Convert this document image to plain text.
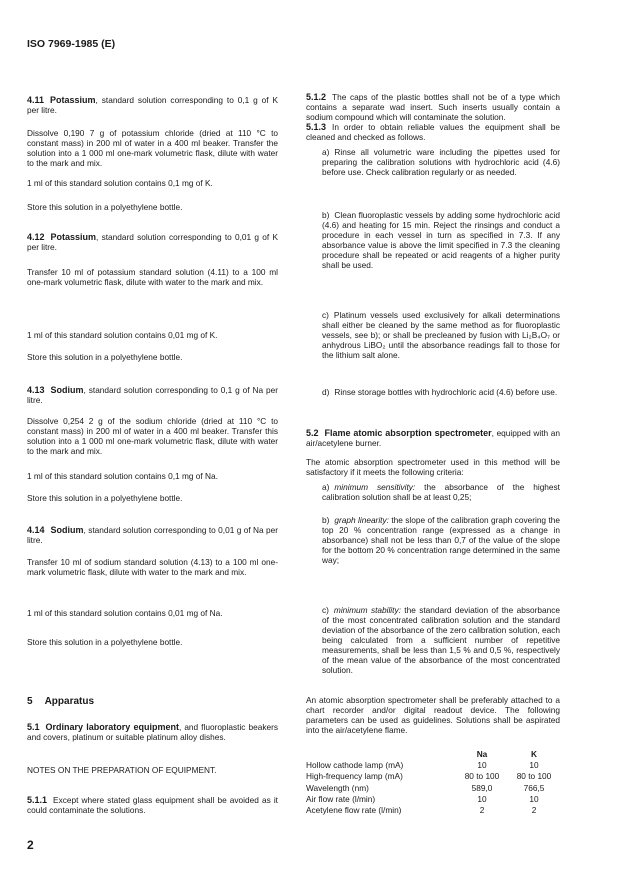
ISO 7969-1985 (E)
4.11 Potassium, standard solution corresponding to 0,1 g of K per litre.
Dissolve 0,190 7 g of potassium chloride (dried at 110 °C to constant mass) in 200 ml of water in a 400 ml beaker. Transfer the solution into a 1 000 ml one-mark volumetric flask, dilute with water to the mark and mix.
1 ml of this standard solution contains 0,1 mg of K.
Store this solution in a polyethylene bottle.
4.12 Potassium, standard solution corresponding to 0,01 g of K per litre.
Transfer 10 ml of potassium standard solution (4.11) to a 100 ml one-mark volumetric flask, dilute with water to the mark and mix.
1 ml of this standard solution contains 0,01 mg of K.
Store this solution in a polyethylene bottle.
4.13 Sodium, standard solution corresponding to 0,1 g of Na per litre.
Dissolve 0,254 2 g of the sodium chloride (dried at 110 °C to constant mass) in 200 ml of water in a 400 ml beaker. Transfer this solution into a 1 000 ml one-mark volumetric flask, dilute with water to the mark and mix.
1 ml of this standard solution contains 0,1 mg of Na.
Store this solution in a polyethylene bottle.
4.14 Sodium, standard solution corresponding to 0,01 g of Na per litre.
Transfer 10 ml of sodium standard solution (4.13) to a 100 ml one-mark volumetric flask, dilute with water to the mark and mix.
1 ml of this standard solution contains 0,01 mg of Na.
Store this solution in a polyethylene bottle.
5 Apparatus
5.1 Ordinary laboratory equipment, and fluoroplastic beakers and covers, platinum or suitable platinum alloy dishes.
NOTES ON THE PREPARATION OF EQUIPMENT.
5.1.1 Except where stated glass equipment shall be avoided as it could contaminate the solutions.
5.1.2 The caps of the plastic bottles shall not be of a type which contains a separate wad insert. Such inserts usually contain a sodium compound which will contaminate the solution.
5.1.3 In order to obtain reliable values the equipment shall be cleaned and checked as follows.
a) Rinse all volumetric ware including the pipettes used for preparing the calibration solutions with hydrochloric acid (4.6) before use. Check calibration regularly or as needed.
b) Clean fluoroplastic vessels by adding some hydrochloric acid (4.6) and heating for 15 min. Reject the rinsings and conduct a procedure in each vessel in turn as specified in 7.3. If any absorbance value is above the limit specified in 7.3 the cleaning procedure shall be repeated or acid reagents of a higher purity shall be used.
c) Platinum vessels used exclusively for alkali determinations shall either be cleaned by the same method as for fluoroplastic vessels, see b); or shall be precleaned by fusion with Li₂B₄O₇ or anhydrous LiBO₂ until the absorbance readings fall to those for the lithium salt alone.
d) Rinse storage bottles with hydrochloric acid (4.6) before use.
5.2 Flame atomic absorption spectrometer, equipped with an air/acetylene burner.
The atomic absorption spectrometer used in this method will be satisfactory if it meets the following criteria:
a) minimum sensitivity: the absorbance of the highest calibration solution shall be at least 0,25;
b) graph linearity: the slope of the calibration graph covering the top 20 % concentration range (expressed as a change in absorbance) shall not be less than 0,7 of the value of the slope for the bottom 20 % concentration range determined in the same way;
c) minimum stability: the standard deviation of the absorbance of the most concentrated calibration solution and the standard deviation of the absorbance of the zero calibration solution, each being calculated from a sufficient number of repetitive measurements, shall be less than 1,5 % and 0,5 %, respectively of the mean value of the absorbance of the most concentrated solution.
An atomic absorption spectrometer shall be preferably attached to a chart recorder and/or digital readout device. The following parameters can be used as guidelines. Solutions shall be aspirated into the air/acetylene flame.
	Na	K
Hollow cathode lamp (mA)	10	10
High-frequency lamp (mA)	80 to 100	80 to 100
Wavelength (nm)	589,0	766,5
Air flow rate (l/min)	10	10
Acetylene flow rate (l/min)	2	2
2
